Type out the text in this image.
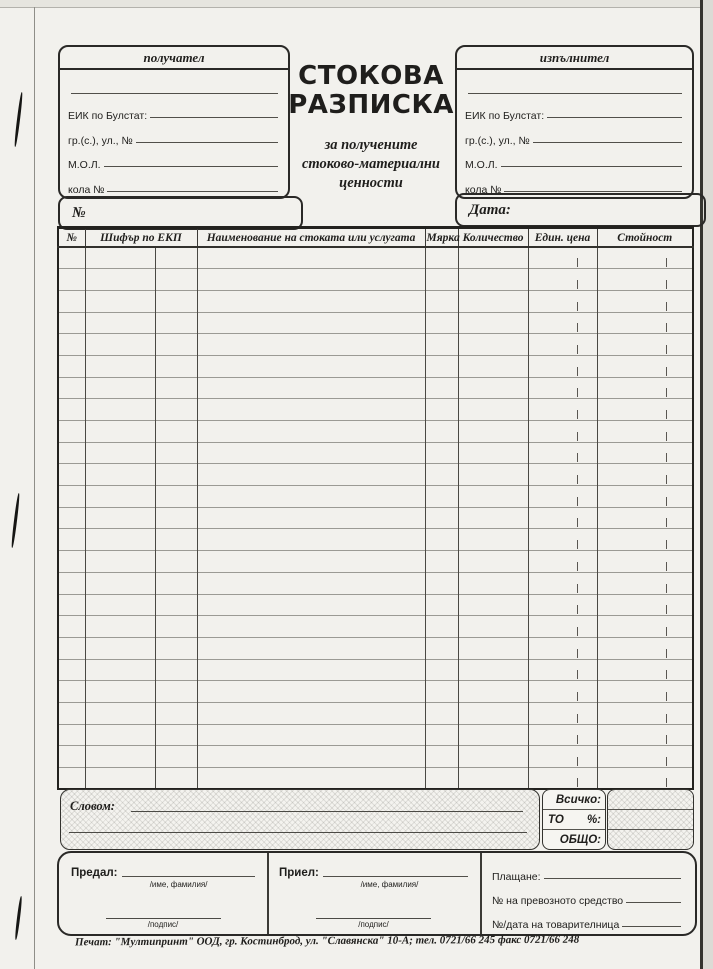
получател
ЕИК по Булстат:
гр.(с.), ул., №
М.О.Л.
кола №
изпълнител
ЕИК по Булстат:
гр.(с.), ул., №
М.О.Л.
кола №
СТОКОВА
РАЗПИСКА
за получените
стоково-материални
ценности
№	Дата:
№	Шифър по ЕКП		Наименование на стоката или услугата	Мярка	Количество	Един. цена	Стойност

Словом:	Всичко:
ТО %:
ОБЩО:
Предал:
/име, фамилия/
/подпис/
Приел:
/име, фамилия/
/подпис/
Плащане:
№ на превозното средство
№/дата на товарителница
Печат: "Мултипринт" ООД, гр. Костинброд, ул. "Славянска" 10-А; тел. 0721/66 245 факс 0721/66 248
